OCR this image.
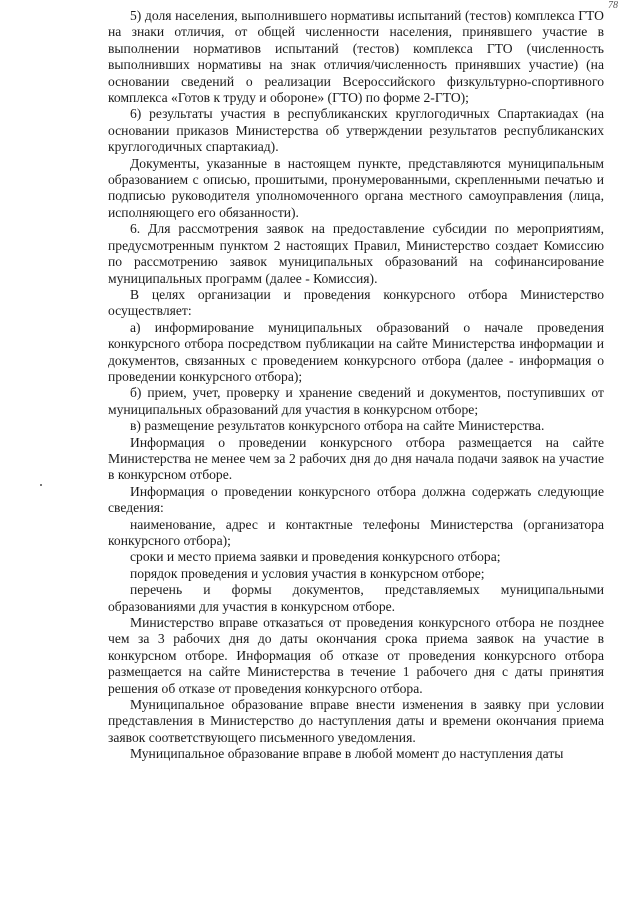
78

5) доля населения, выполнившего нормативы испытаний (тестов) комплекса ГТО на знаки отличия, от общей численности населения, принявшего участие в выполнении нормативов испытаний (тестов) комплекса ГТО (численность выполнивших нормативы на знак отличия/численность принявших участие) (на основании сведений о реализации Всероссийского физкультурно-спортивного комплекса «Готов к труду и обороне» (ГТО) по форме 2-ГТО);

6) результаты участия в республиканских круглогодичных Спартакиадах (на основании приказов Министерства об утверждении результатов республиканских круглогодичных спартакиад).

Документы, указанные в настоящем пункте, представляются муниципальным образованием с описью, прошитыми, пронумерованными, скрепленными печатью и подписью руководителя уполномоченного органа местного самоуправления (лица, исполняющего его обязанности).

6. Для рассмотрения заявок на предоставление субсидии по мероприятиям, предусмотренным пунктом 2 настоящих Правил, Министерство создает Комиссию по рассмотрению заявок муниципальных образований на софинансирование муниципальных программ (далее - Комиссия).

В целях организации и проведения конкурсного отбора Министерство осуществляет:

а) информирование муниципальных образований о начале проведения конкурсного отбора посредством публикации на сайте Министерства информации и документов, связанных с проведением конкурсного отбора (далее - информация о проведении конкурсного отбора);

б) прием, учет, проверку и хранение сведений и документов, поступивших от муниципальных образований для участия в конкурсном отборе;

в) размещение результатов конкурсного отбора на сайте Министерства.

Информация о проведении конкурсного отбора размещается на сайте Министерства не менее чем за 2 рабочих дня до дня начала подачи заявок на участие в конкурсном отборе.

Информация о проведении конкурсного отбора должна содержать следующие сведения:

наименование, адрес и контактные телефоны Министерства (организатора конкурсного отбора);

сроки и место приема заявки и проведения конкурсного отбора;

порядок проведения и условия участия в конкурсном отборе;

перечень и формы документов, представляемых муниципальными образованиями для участия в конкурсном отборе.

Министерство вправе отказаться от проведения конкурсного отбора не позднее чем за 3 рабочих дня до даты окончания срока приема заявок на участие в конкурсном отборе. Информация об отказе от проведения конкурсного отбора размещается на сайте Министерства в течение 1 рабочего дня с даты принятия решения об отказе от проведения конкурсного отбора.

Муниципальное образование вправе внести изменения в заявку при условии представления в Министерство до наступления даты и времени окончания приема заявок соответствующего письменного уведомления.

Муниципальное образование вправе в любой момент до наступления даты
